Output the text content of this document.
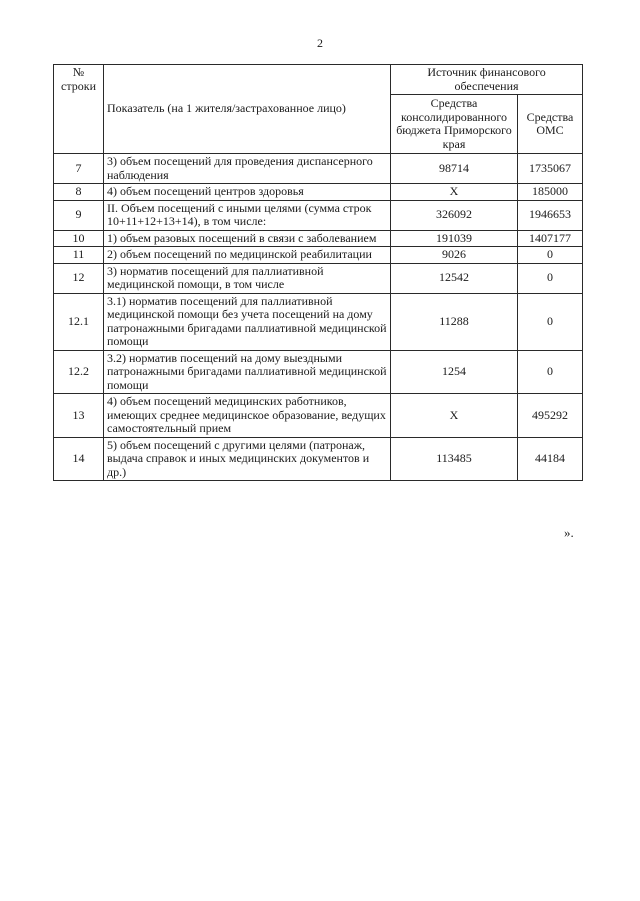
2
№ строки	Показатель (на 1 жителя/застрахованное лицо)	Источник финансового обеспечения	
		Средства консолидированного бюджета Приморского края	Средства ОМС
7	3) объем посещений для проведения диспансерного наблюдения	98714	1735067
8	4) объем посещений центров здоровья	Х	185000
9	II. Объем посещений с иными целями (сумма строк 10+11+12+13+14), в том числе:	326092	1946653
10	1) объем разовых посещений в связи с заболеванием	191039	1407177
11	2) объем посещений по медицинской реабилитации	9026	0
12	3) норматив посещений для паллиативной медицинской помощи, в том числе	12542	0
12.1	3.1) норматив посещений для паллиативной медицинской помощи без учета посещений на дому патронажными бригадами паллиативной медицинской помощи	11288	0
12.2	3.2) норматив посещений на дому выездными патронажными бригадами паллиативной медицинской помощи	1254	0
13	4) объем посещений медицинских работников, имеющих среднее медицинское образование, ведущих самостоятельный прием	Х	495292
14	5) объем посещений с другими целями (патронаж, выдача справок и иных медицинских документов и др.)	113485	44184
».
